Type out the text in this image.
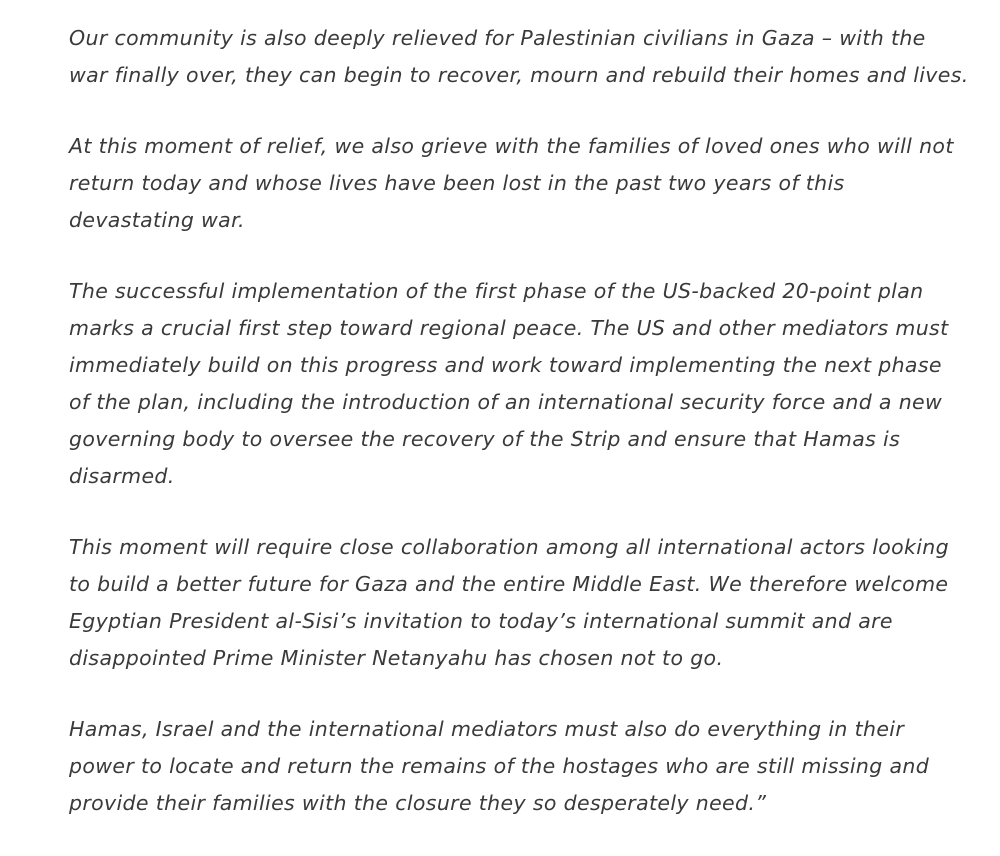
Our community is also deeply relieved for Palestinian civilians in Gaza – with the
war finally over, they can begin to recover, mourn and rebuild their homes and lives.

At this moment of relief, we also grieve with the families of loved ones who will not
return today and whose lives have been lost in the past two years of this
devastating war.

The successful implementation of the first phase of the US-backed 20-point plan
marks a crucial first step toward regional peace. The US and other mediators must
immediately build on this progress and work toward implementing the next phase
of the plan, including the introduction of an international security force and a new
governing body to oversee the recovery of the Strip and ensure that Hamas is
disarmed.

This moment will require close collaboration among all international actors looking
to build a better future for Gaza and the entire Middle East. We therefore welcome
Egyptian President al-Sisi’s invitation to today’s international summit and are
disappointed Prime Minister Netanyahu has chosen not to go.

Hamas, Israel and the international mediators must also do everything in their
power to locate and return the remains of the hostages who are still missing and
provide their families with the closure they so desperately need.”
